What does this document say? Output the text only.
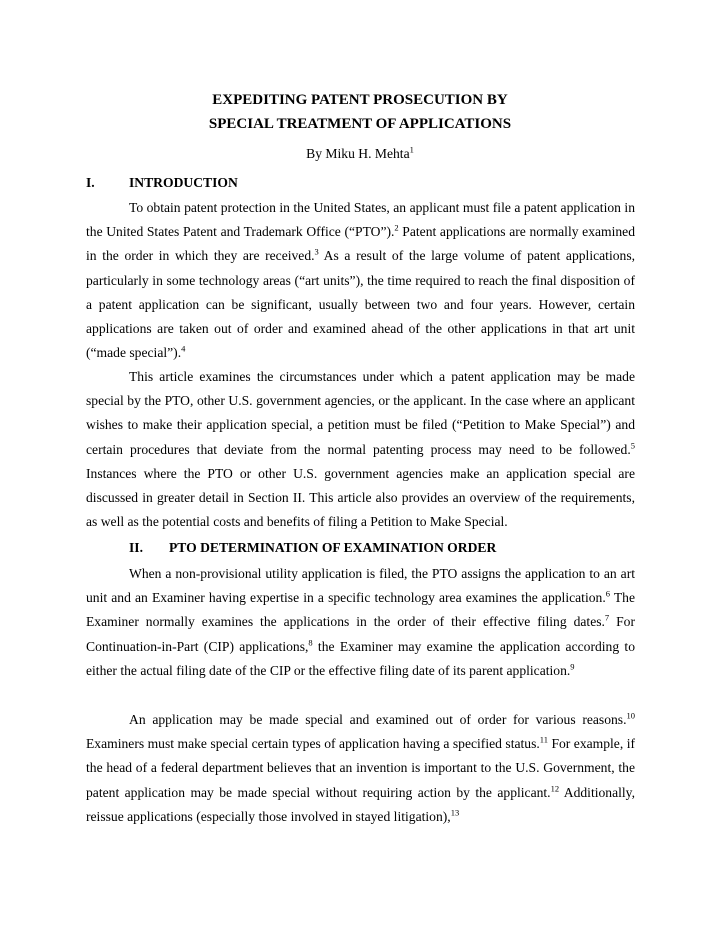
EXPEDITING PATENT PROSECUTION BY
SPECIAL TREATMENT OF APPLICATIONS
By Miku H. Mehta$^1$
I.	INTRODUCTION

To obtain patent protection in the United States, an applicant must file a patent application in the United States Patent and Trademark Office (“PTO”).$^2$ Patent applications are normally examined in the order in which they are received.$^3$ As a result of the large volume of patent applications, particularly in some technology areas (“art units”), the time required to reach the final disposition of a patent application can be significant, usually between two and four years. However, certain applications are taken out of order and examined ahead of the other applications in that art unit (“made special”).$^4$

This article examines the circumstances under which a patent application may be made special by the PTO, other U.S. government agencies, or the applicant. In the case where an applicant wishes to make their application special, a petition must be filed (“Petition to Make Special”) and certain procedures that deviate from the normal patenting process may need to be followed.$^5$ Instances where the PTO or other U.S. government agencies make an application special are discussed in greater detail in Section II. This article also provides an overview of the requirements, as well as the potential costs and benefits of filing a Petition to Make Special.

II. PTO DETERMINATION OF EXAMINATION ORDER

When a non-provisional utility application is filed, the PTO assigns the application to an art unit and an Examiner having expertise in a specific technology area examines the application.$^6$ The Examiner normally examines the applications in the order of their effective filing dates.$^7$ For Continuation-in-Part (CIP) applications,$^8$ the Examiner may examine the application according to either the actual filing date of the CIP or the effective filing date of its parent application.$^9$

An application may be made special and examined out of order for various reasons.$^{10}$ Examiners must make special certain types of application having a specified status.$^{11}$ For example, if the head of a federal department believes that an invention is important to the U.S. Government, the patent application may be made special without requiring action by the applicant.$^{12}$ Additionally, reissue applications (especially those involved in stayed litigation),$^{13}$
